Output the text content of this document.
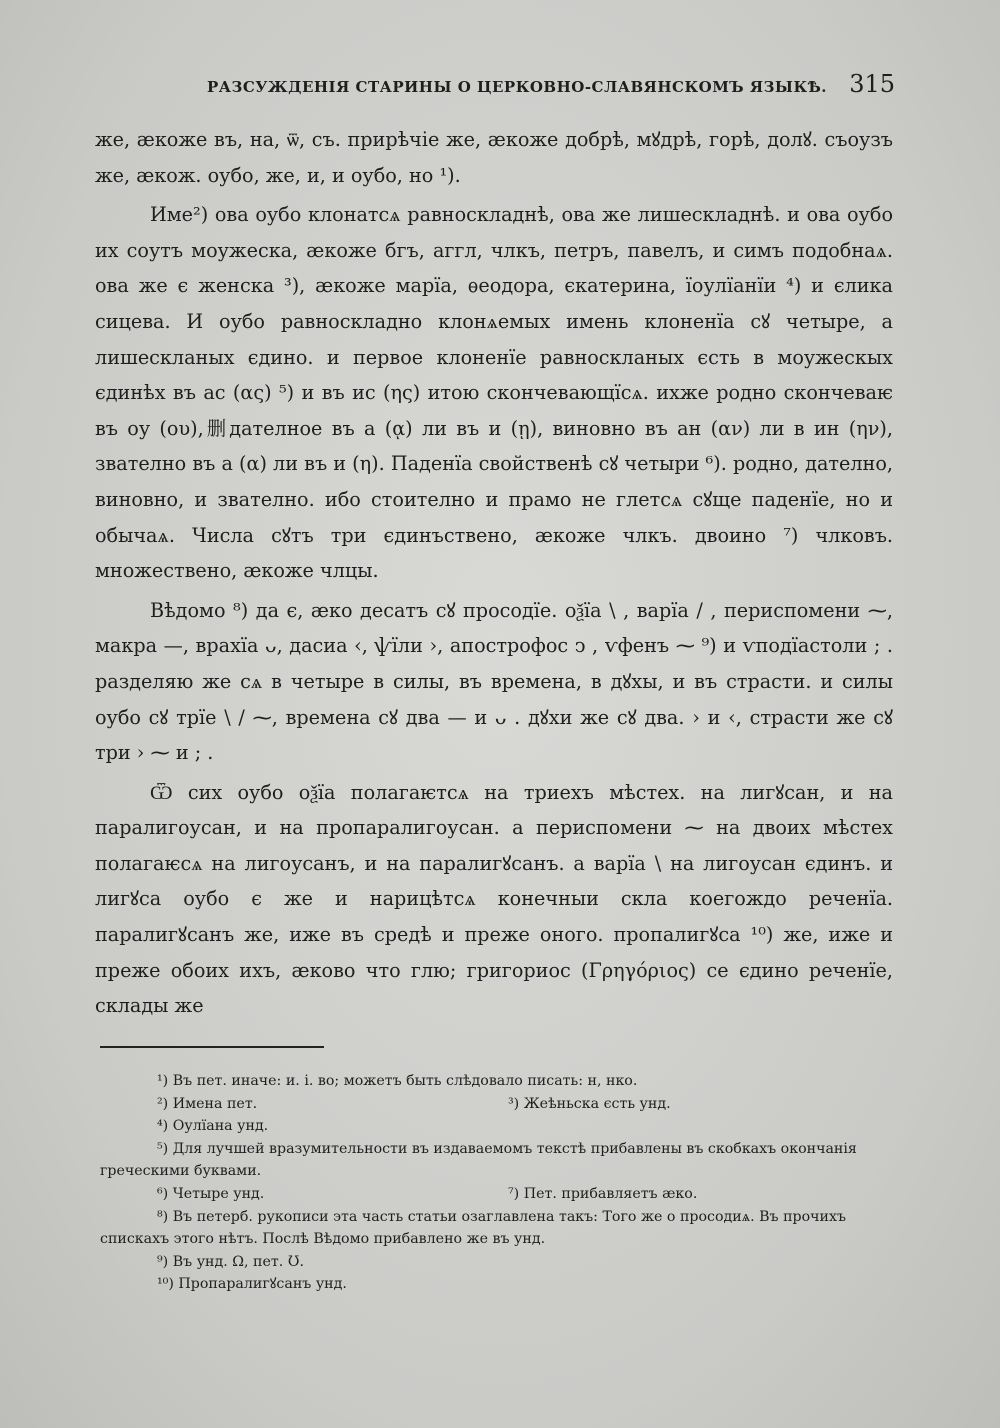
РАЗСУЖДЕНІЯ СТАРИНЫ О ЦЕРКОВНО-СЛАВЯНСКОМЪ ЯЗЫКѢ. 315

же, ӕкоже въ, на, ѿ, съ. прирѣчіе же, ӕкоже добрѣ, мꙋдрѣ, горѣ, долꙋ. съоузъ же, ӕкож. оубо, же, и, и оубо, но ¹).

Име²) ова оубо клонатсѧ равноскладнѣ, ова же лишескладнѣ. и ова оубо их соутъ моужеска, ӕкоже бгъ, аггл, члкъ, петръ, павелъ, и симъ подобнаѧ. ова же є женска ³), ӕкоже марїа, ѳеодора, єкатерина, їоулїанїи ⁴) и єлика сицева. И оубо равноскладно клонѧемых имень клоненїа сꙋ четыре, а лишескланых єдино. и первое клоненїе равноскланых єсть в моужескых єдинѣх въ ас (ας) ⁵) и въ ис (ης) итою скончевающїсѧ. ихже родно скончеваѥ въ оу (ου),删дателное въ а (ᾳ) ли въ и (ῃ), виновно въ ан (αν) ли в ин (ην), звателно въ а (α) ли въ и (η). Паденїа свойственѣ сꙋ четыри ⁶). родно, дателно, виновно, и звателно. ибо стоително и прамо не глетсѧ сꙋще паденїе, но и обычаѧ. Числа сꙋтъ три єдинъствено, ӕкоже члкъ. двоино ⁷) члковъ. множествено, ӕкоже члцы.

Вѣдомо ⁸) да є, ӕко десатъ сꙋ просодїе. оѯїа \ , варїа / , периспомени ⁓, макра —, врахїа ᴗ, дасиа ‹, ѱїли ›, апострофос ↄ , ѵфенъ ⁓ ⁹) и ѵподїастоли ; . разделяю же сѧ в четыре в силы, въ времена, в дꙋхы, и въ страсти. и силы оубо сꙋ трїе \ / ⁓, времена сꙋ два — и ᴗ . дꙋхи же сꙋ два. › и ‹, страсти же сꙋ три › ⁓ и ; .

Ѿ сих оубо оѯїа полагаѥтсѧ на триехъ мѣстех. на лигꙋсан, и на паралигоусан, и на пропаралигоусан. а периспомени ⁓ на двоих мѣстех полагаѥсѧ на лигоусанъ, и на паралигꙋсанъ. а варїа \ на лигоусан єдинъ. и лигꙋса оубо є же и нарицѣтсѧ конечныи скла коегождо реченїа. паралигꙋсанъ же, иже въ средѣ и преже оного. пропалигꙋса ¹⁰) же, иже и преже обоих ихъ, ӕково что глю; григориос (Γρηγόριος) се єдино реченїе, склады же

¹) Въ пет. иначе: и. і. во; можетъ быть слѣдовало писать: н, нко.
²) Имена пет.	³) Жеѣньска єсть унд.
⁴) Оулїана унд.
⁵) Для лучшей вразумительности въ издаваемомъ текстѣ прибавлены въ скобкахъ окончанія греческими буквами.
⁶) Четыре унд.	⁷) Пет. прибавляетъ ӕко.
⁸) Въ петерб. рукописи эта часть статьи озаглавлена такъ: Того же о просодиѧ. Въ прочихъ спискахъ этого нѣтъ. Послѣ Вѣдомо прибавлено же въ унд.
⁹) Въ унд. Ω, пет. Ʊ.
¹⁰) Пропаралигꙋсанъ унд.
